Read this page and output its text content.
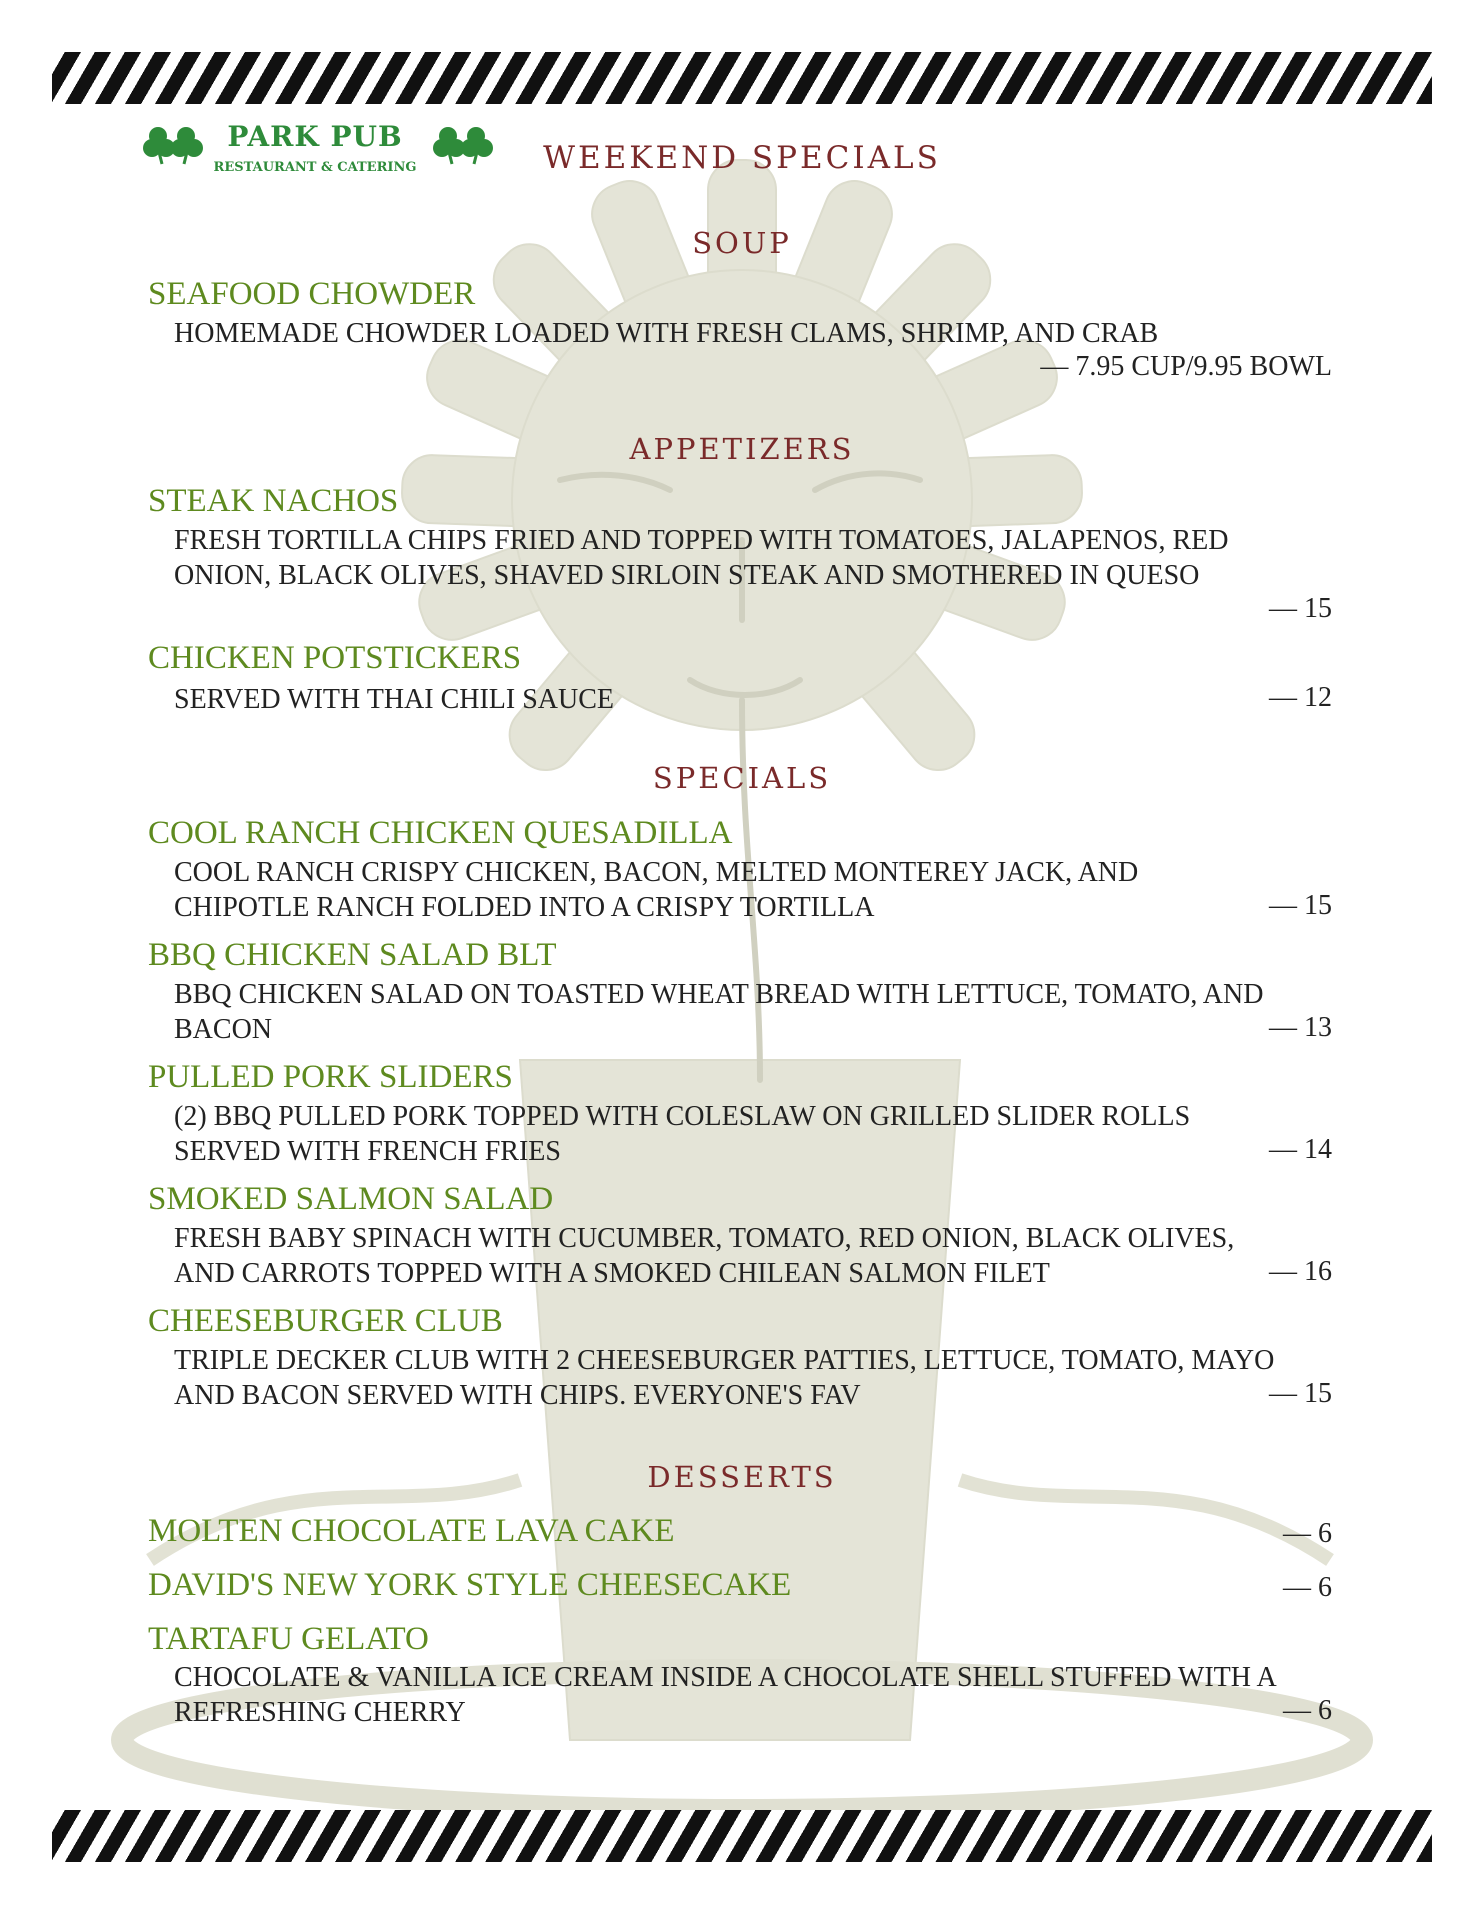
PARK PUB
RESTAURANT & CATERING	WEEKEND SPECIALS
SOUP
SEAFOOD CHOWDER
HOMEMADE CHOWDER LOADED WITH FRESH CLAMS, SHRIMP, AND CRAB
— 7.95 CUP/9.95 BOWL
APPETIZERS
STEAK NACHOS
FRESH TORTILLA CHIPS FRIED AND TOPPED WITH TOMATOES, JALAPENOS, RED
ONION, BLACK OLIVES, SHAVED SIRLOIN STEAK AND SMOTHERED IN QUESO
— 15
CHICKEN POTSTICKERS
SERVED WITH THAI CHILI SAUCE	— 12
SPECIALS
COOL RANCH CHICKEN QUESADILLA
COOL RANCH CRISPY CHICKEN, BACON, MELTED MONTEREY JACK, AND
CHIPOTLE RANCH FOLDED INTO A CRISPY TORTILLA	— 15
BBQ CHICKEN SALAD BLT
BBQ CHICKEN SALAD ON TOASTED WHEAT BREAD WITH LETTUCE, TOMATO, AND
BACON	— 13
PULLED PORK SLIDERS
(2) BBQ PULLED PORK TOPPED WITH COLESLAW ON GRILLED SLIDER ROLLS
SERVED WITH FRENCH FRIES	— 14
SMOKED SALMON SALAD
FRESH BABY SPINACH WITH CUCUMBER, TOMATO, RED ONION, BLACK OLIVES,
AND CARROTS TOPPED WITH A SMOKED CHILEAN SALMON FILET	— 16
CHEESEBURGER CLUB
TRIPLE DECKER CLUB WITH 2 CHEESEBURGER PATTIES, LETTUCE, TOMATO, MAYO
AND BACON SERVED WITH CHIPS. EVERYONE'S FAV	— 15
DESSERTS
MOLTEN CHOCOLATE LAVA CAKE	— 6
DAVID'S NEW YORK STYLE CHEESECAKE	— 6
TARTAFU GELATO
CHOCOLATE & VANILLA ICE CREAM INSIDE A CHOCOLATE SHELL STUFFED WITH A
REFRESHING CHERRY	— 6
